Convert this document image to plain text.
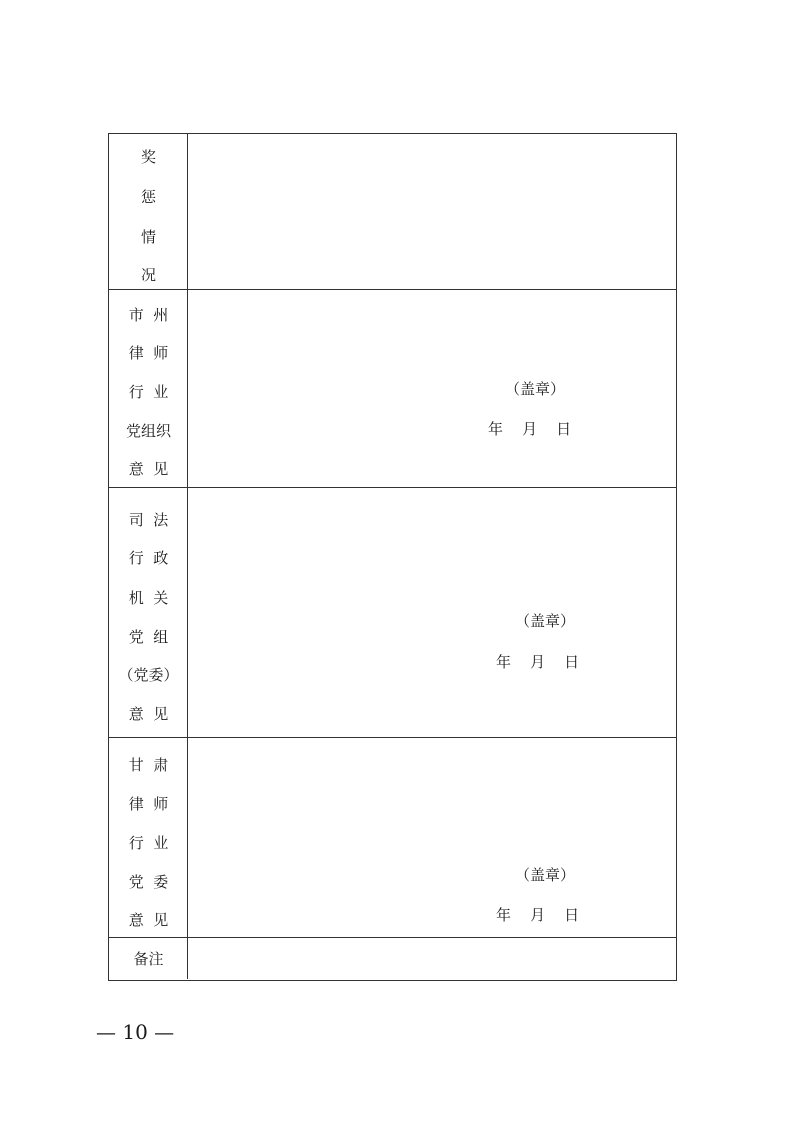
奖
惩
情
况
市  州
律  师
行  业
党组织
意  见
（盖章）
年    月    日
司  法
行  政
机  关
党  组
（党委）
意  见
（盖章）
年    月    日
甘  肃
律  师
行  业
党  委
意  见
（盖章）
年    月    日
备注
— 10 —
